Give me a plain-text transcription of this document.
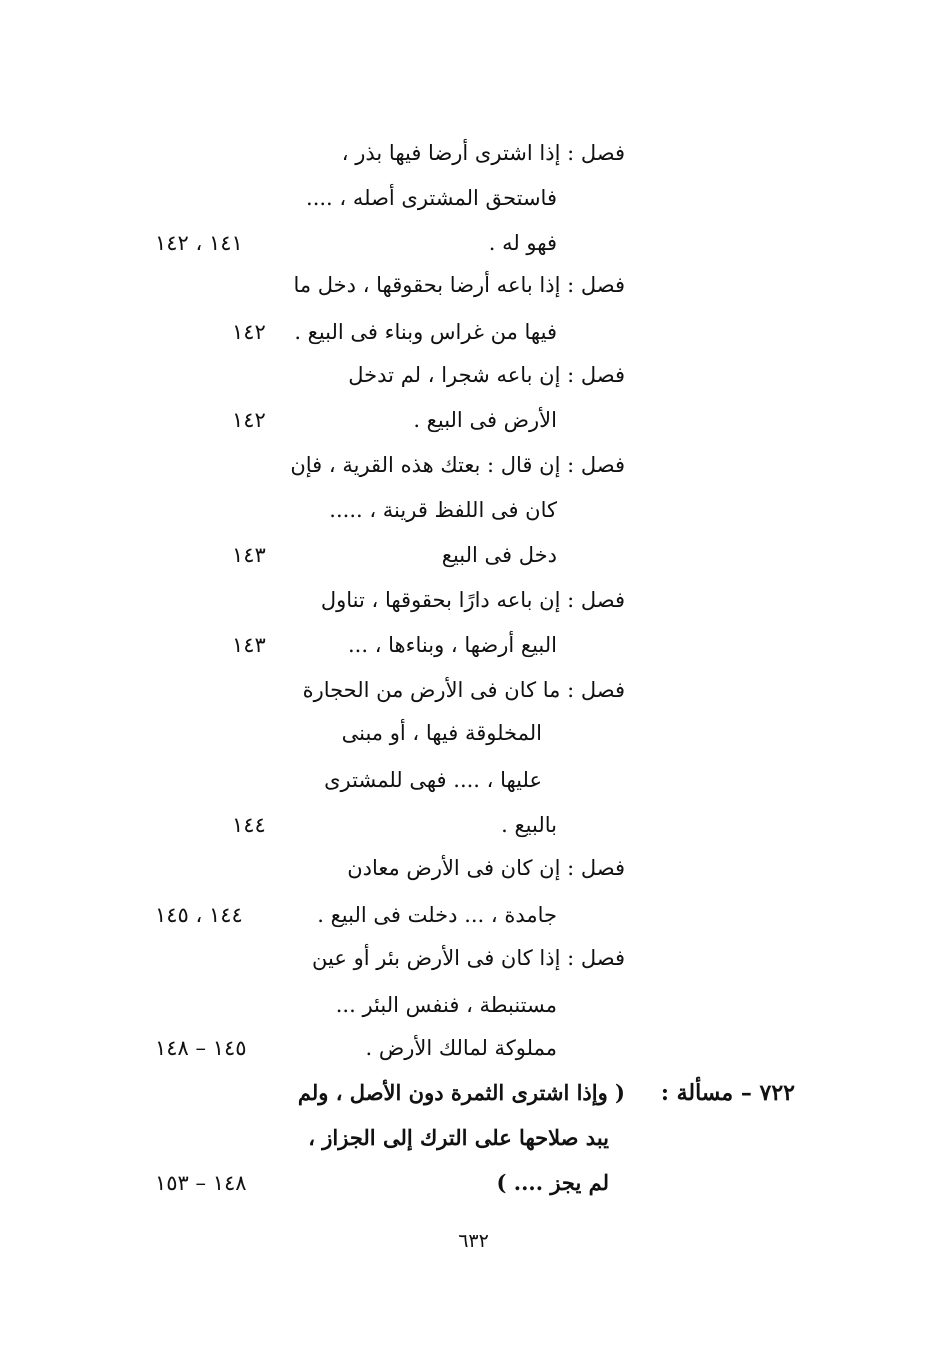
فصل : إذا اشترى أرضا فيها بذر ،
فاستحق المشترى أصله ، ....
فهو له .
١٤١ ، ١٤٢
فصل : إذا باعه أرضا بحقوقها ، دخل ما
فيها من غراس وبناء فى البيع .
١٤٢
فصل : إن باعه شجرا ، لم تدخل
الأرض فى البيع .
١٤٢
فصل : إن قال : بعتك هذه القرية ، فإن
كان فى اللفظ قرينة ، .....
دخل فى البيع
١٤٣
فصل : إن باعه دارًا بحقوقها ، تناول
البيع أرضها ، وبناءها ، ...
١٤٣
فصل : ما كان فى الأرض من الحجارة
المخلوقة فيها ، أو مبنى
عليها ، .... فهى للمشترى
بالبيع .
١٤٤
فصل : إن كان فى الأرض معادن
جامدة ، ... دخلت فى البيع .
١٤٤ ، ١٤٥
فصل : إذا كان فى الأرض بئر أو عين
مستنبطة ، فنفس البئر ...
مملوكة لمالك الأرض .
١٤٥ – ١٤٨
٧٢٢ – مسألة :
( وإذا اشترى الثمرة دون الأصل ، ولم
يبد صلاحها على الترك إلى الجزاز ،
لم يجز .... )
١٤٨ – ١٥٣
٦٣٢
